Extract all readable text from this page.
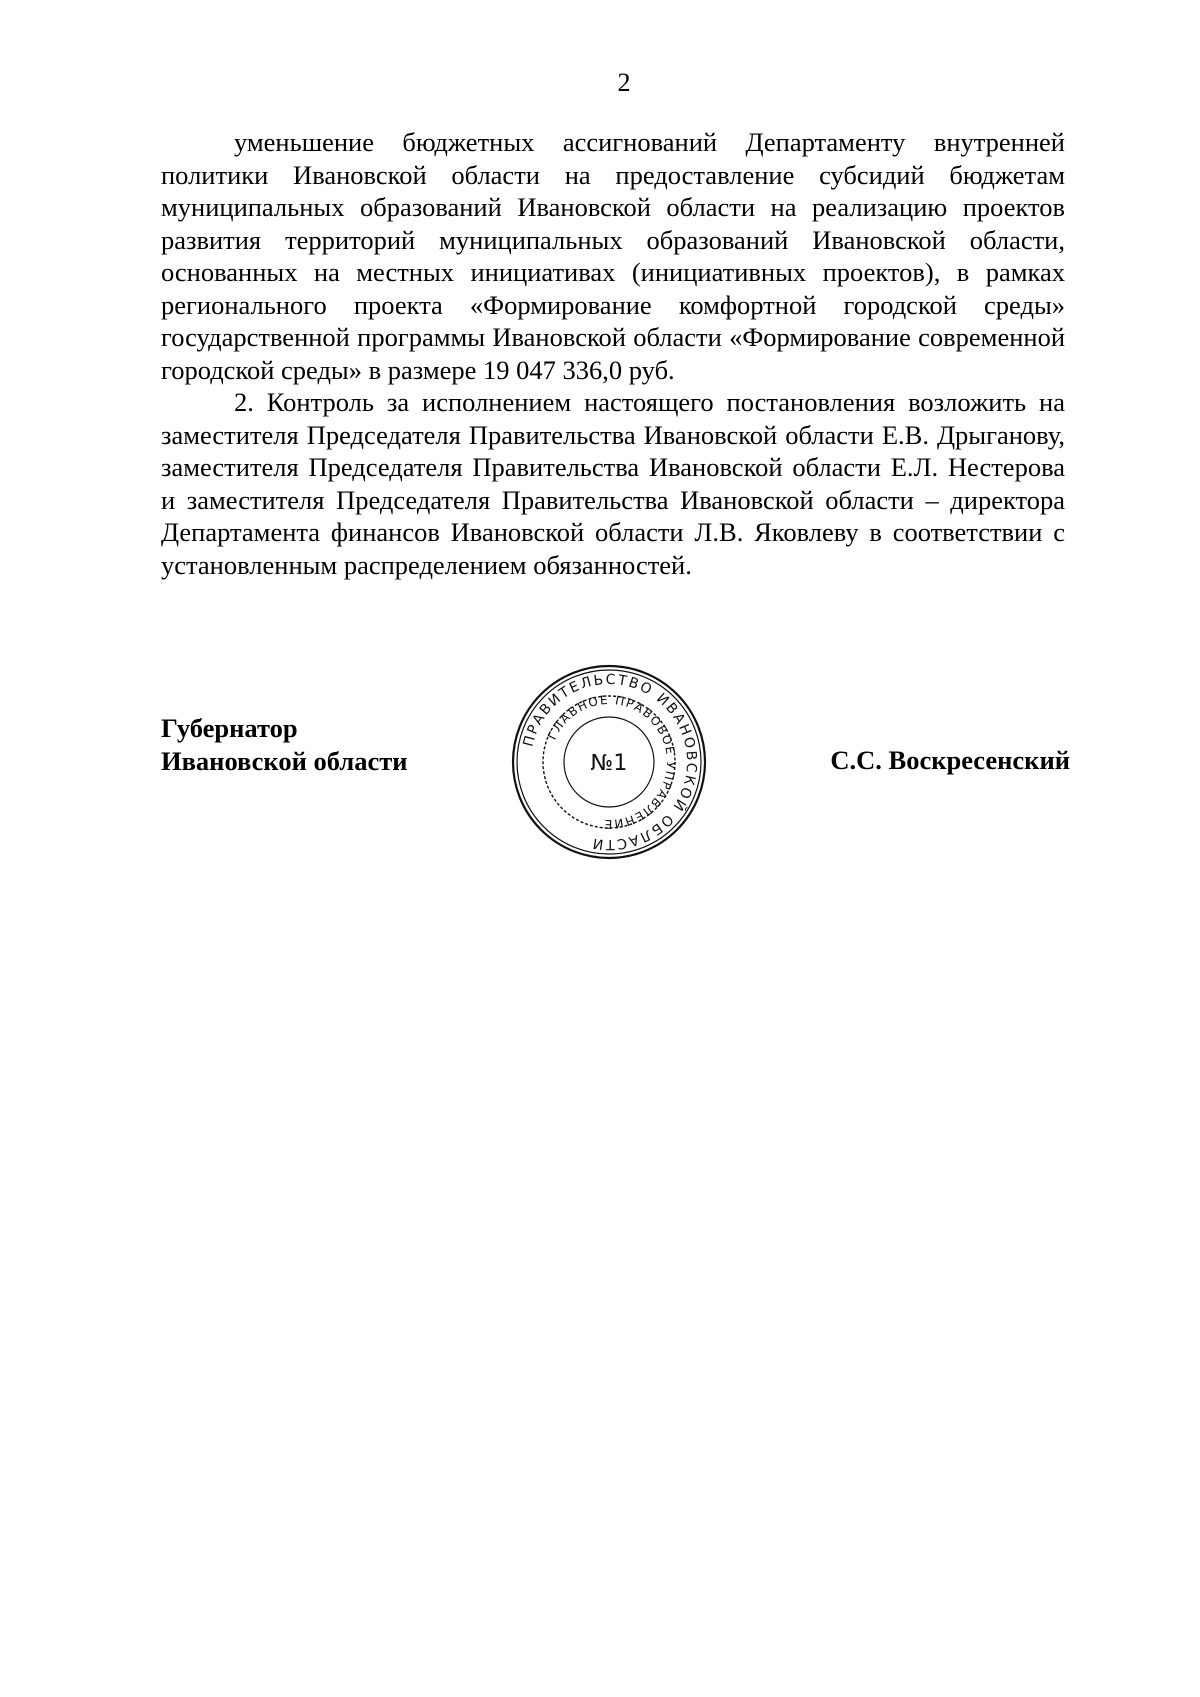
2

уменьшение бюджетных ассигнований Департаменту внутренней политики Ивановской области на предоставление субсидий бюджетам муниципальных образований Ивановской области на реализацию проектов развития территорий муниципальных образований Ивановской области, основанных на местных инициативах (инициативных проектов), в рамках регионального проекта «Формирование комфортной городской среды» государственной программы Ивановской области «Формирование современной городской среды» в размере 19 047 336,0 руб.

2. Контроль за исполнением настоящего постановления возложить на заместителя Председателя Правительства Ивановской области Е.В. Дрыганову, заместителя Председателя Правительства Ивановской области Е.Л. Нестерова и заместителя Председателя Правительства Ивановской области – директора Департамента финансов Ивановской области Л.В. Яковлеву в соответствии с установленным распределением обязанностей.

Губернатор
Ивановской области
ПРАВИТЕЛЬСТВО ИВАНОВСКОЙ ОБЛАСТИ
ГЛАВНОЕ ПРАВОВОЕ УПРАВЛЕНИЕ
№1	С.С. Воскресенский
